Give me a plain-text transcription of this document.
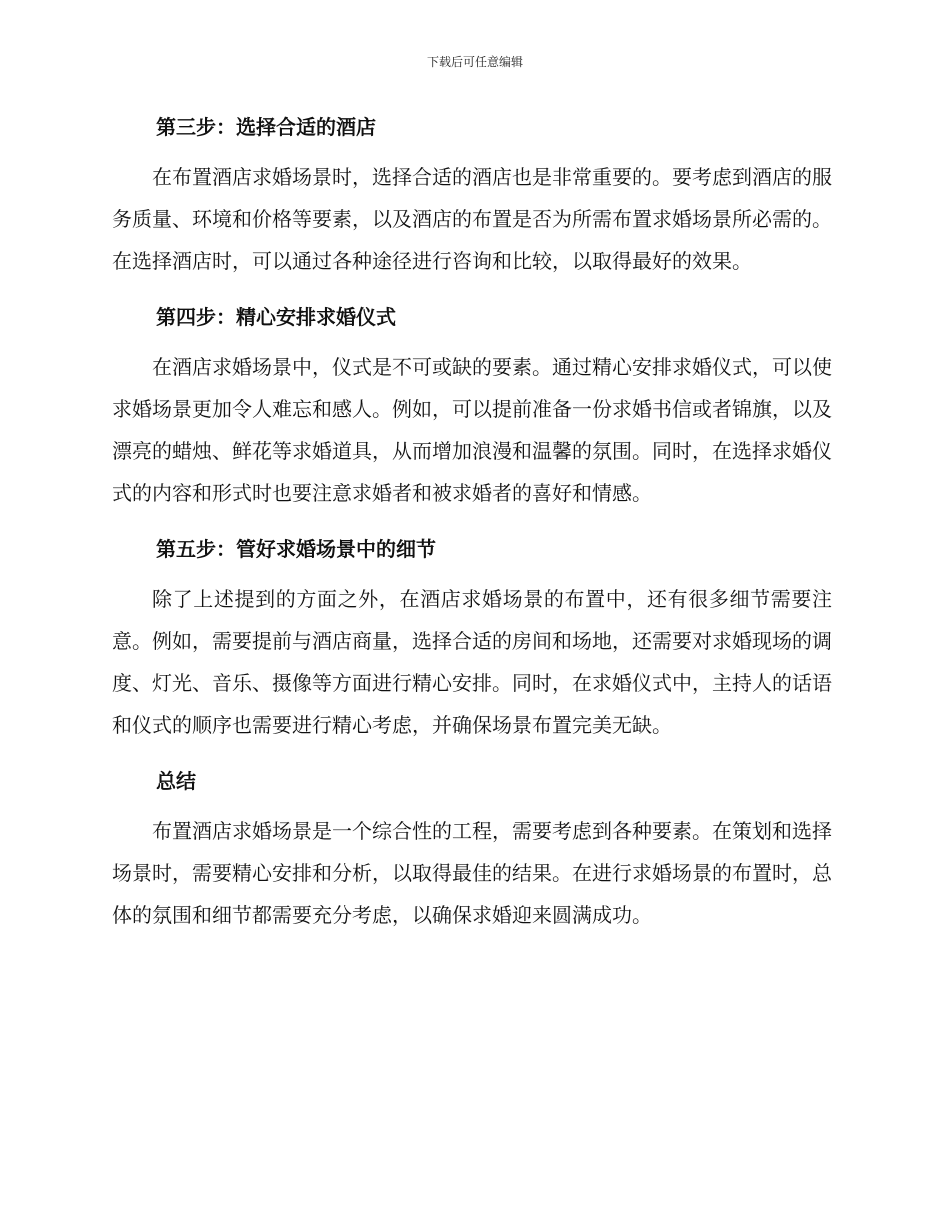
下载后可任意编辑
第三步：选择合适的酒店

在布置酒店求婚场景时，选择合适的酒店也是非常重要的。要考虑到酒店的服务质量、环境和价格等要素，以及酒店的布置是否为所需布置求婚场景所必需的。在选择酒店时，可以通过各种途径进行咨询和比较，以取得最好的效果。

第四步：精心安排求婚仪式

在酒店求婚场景中，仪式是不可或缺的要素。通过精心安排求婚仪式，可以使求婚场景更加令人难忘和感人。例如，可以提前准备一份求婚书信或者锦旗，以及漂亮的蜡烛、鲜花等求婚道具，从而增加浪漫和温馨的氛围。同时，在选择求婚仪式的内容和形式时也要注意求婚者和被求婚者的喜好和情感。

第五步：管好求婚场景中的细节

除了上述提到的方面之外，在酒店求婚场景的布置中，还有很多细节需要注意。例如，需要提前与酒店商量，选择合适的房间和场地，还需要对求婚现场的调度、灯光、音乐、摄像等方面进行精心安排。同时，在求婚仪式中，主持人的话语和仪式的顺序也需要进行精心考虑，并确保场景布置完美无缺。

总结

布置酒店求婚场景是一个综合性的工程，需要考虑到各种要素。在策划和选择场景时，需要精心安排和分析，以取得最佳的结果。在进行求婚场景的布置时，总体的氛围和细节都需要充分考虑，以确保求婚迎来圆满成功。
